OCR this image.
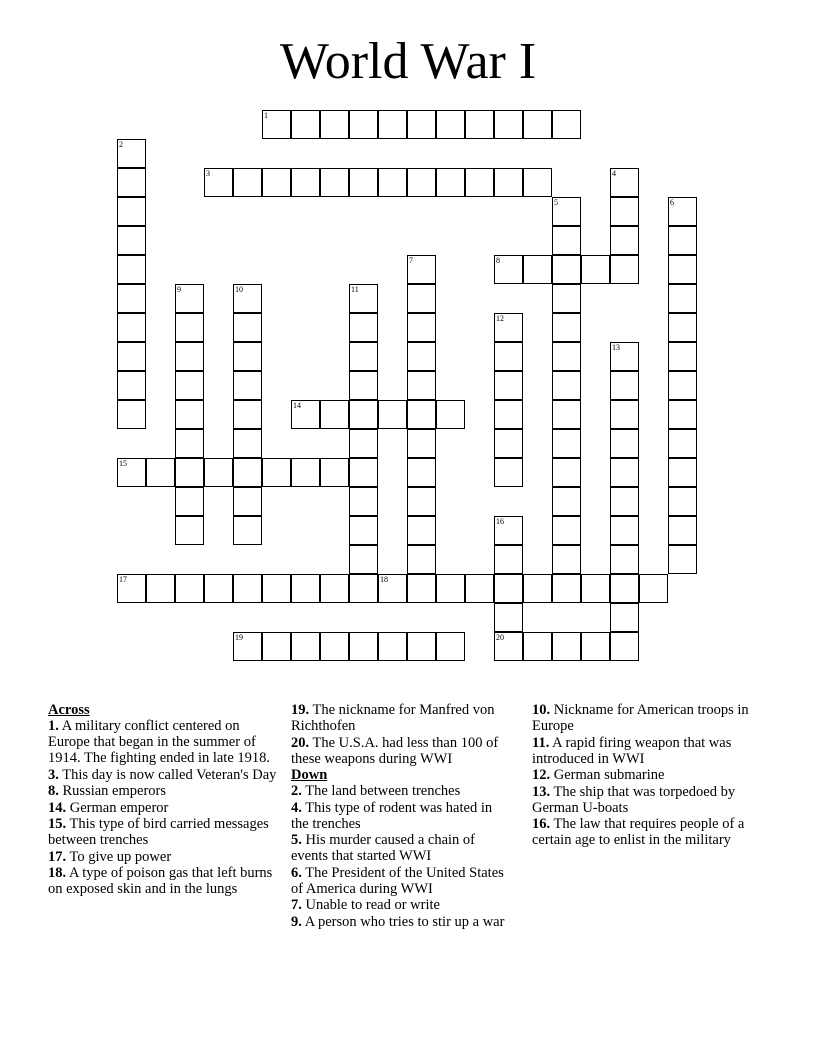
World War I
1
2
3	4
5	6
7	8
9	10	11
12
13
14
15
16
17	18
19	20
Across

1. A military conflict centered on Europe that began in the summer of 1914. The fighting ended in late 1918.

3. This day is now called Veteran's Day

8. Russian emperors

14. German emperor

15. This type of bird carried messages between trenches

17. To give up power

18. A type of poison gas that left burns on exposed skin and in the lungs

19. The nickname for Manfred von Richthofen

20. The U.S.A. had less than 100 of these weapons during WWI

Down

2. The land between trenches

4. This type of rodent was hated in the trenches

5. His murder caused a chain of events that started WWI

6. The President of the United States of America during WWI

7. Unable to read or write

9. A person who tries to stir up a war

10. Nickname for American troops in Europe

11. A rapid firing weapon that was introduced in WWI

12. German submarine

13. The ship that was torpedoed by German U-boats

16. The law that requires people of a certain age to enlist in the military
